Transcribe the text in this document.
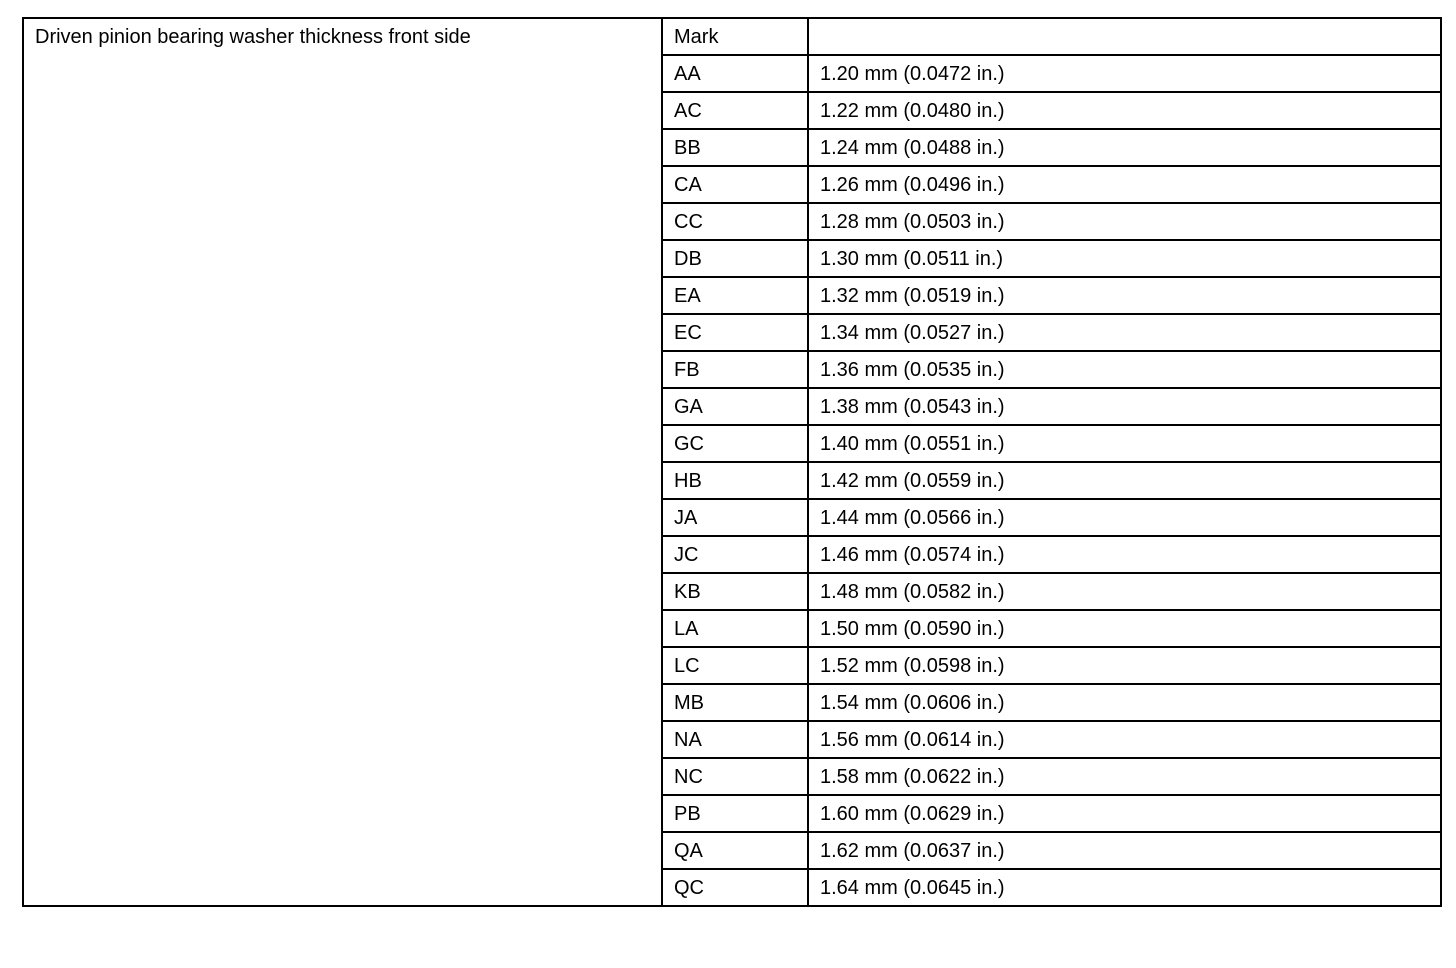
Driven pinion bearing washer thickness front side	Mark	
	AA	1.20 mm (0.0472 in.)
	AC	1.22 mm (0.0480 in.)
	BB	1.24 mm (0.0488 in.)
	CA	1.26 mm (0.0496 in.)
	CC	1.28 mm (0.0503 in.)
	DB	1.30 mm (0.0511 in.)
	EA	1.32 mm (0.0519 in.)
	EC	1.34 mm (0.0527 in.)
	FB	1.36 mm (0.0535 in.)
	GA	1.38 mm (0.0543 in.)
	GC	1.40 mm (0.0551 in.)
	HB	1.42 mm (0.0559 in.)
	JA	1.44 mm (0.0566 in.)
	JC	1.46 mm (0.0574 in.)
	KB	1.48 mm (0.0582 in.)
	LA	1.50 mm (0.0590 in.)
	LC	1.52 mm (0.0598 in.)
	MB	1.54 mm (0.0606 in.)
	NA	1.56 mm (0.0614 in.)
	NC	1.58 mm (0.0622 in.)
	PB	1.60 mm (0.0629 in.)
	QA	1.62 mm (0.0637 in.)
	QC	1.64 mm (0.0645 in.)
